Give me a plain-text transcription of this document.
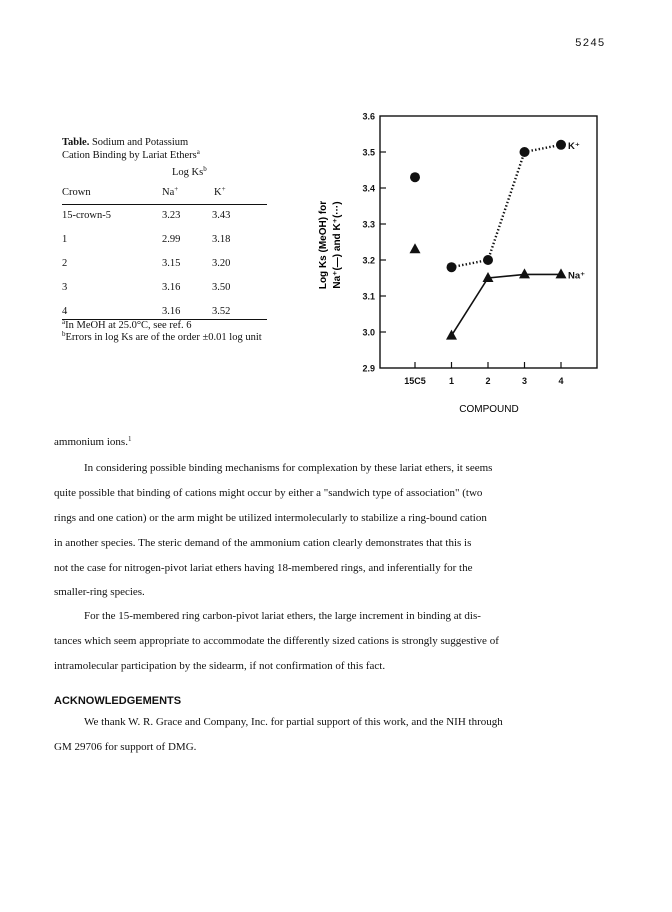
5245

Table. Sodium and Potassium
Cation Binding by Lariat Ethers$^a$

Log Ks$^b$
Crown	Na+	K+
15-crown-5	3.23	3.43
1	2.99	3.18
2	3.15	3.20
3	3.16	3.50
4	3.16	3.52
$^a$In MeOH at 25.0°C, see ref. 6
$^b$Errors in log Ks are of the order ±0.01 log unit
2.9
3.0
3.1
3.2
3.3
3.4
3.5
3.6
15C5	1	2	3	4
Log Ks (MeOH) for Na⁺(—) and K⁺(···)
COMPOUND
K⁺
Na⁺
ammonium ions.$^1$
In considering possible binding mechanisms for complexation by these lariat ethers, it seems
quite possible that binding of cations might occur by either a "sandwich type of association" (two
rings and one cation) or the arm might be utilized intermolecularly to stabilize a ring-bound cation
in another species. The steric demand of the ammonium cation clearly demonstrates that this is
not the case for nitrogen-pivot lariat ethers having 18-membered rings, and inferentially for the
smaller-ring species.
For the 15-membered ring carbon-pivot lariat ethers, the large increment in binding at dis-
tances which seem appropriate to accommodate the differently sized cations is strongly suggestive of
intramolecular participation by the sidearm, if not confirmation of this fact.
ACKNOWLEDGEMENTS
We thank W. R. Grace and Company, Inc. for partial support of this work, and the NIH through
GM 29706 for support of DMG.
